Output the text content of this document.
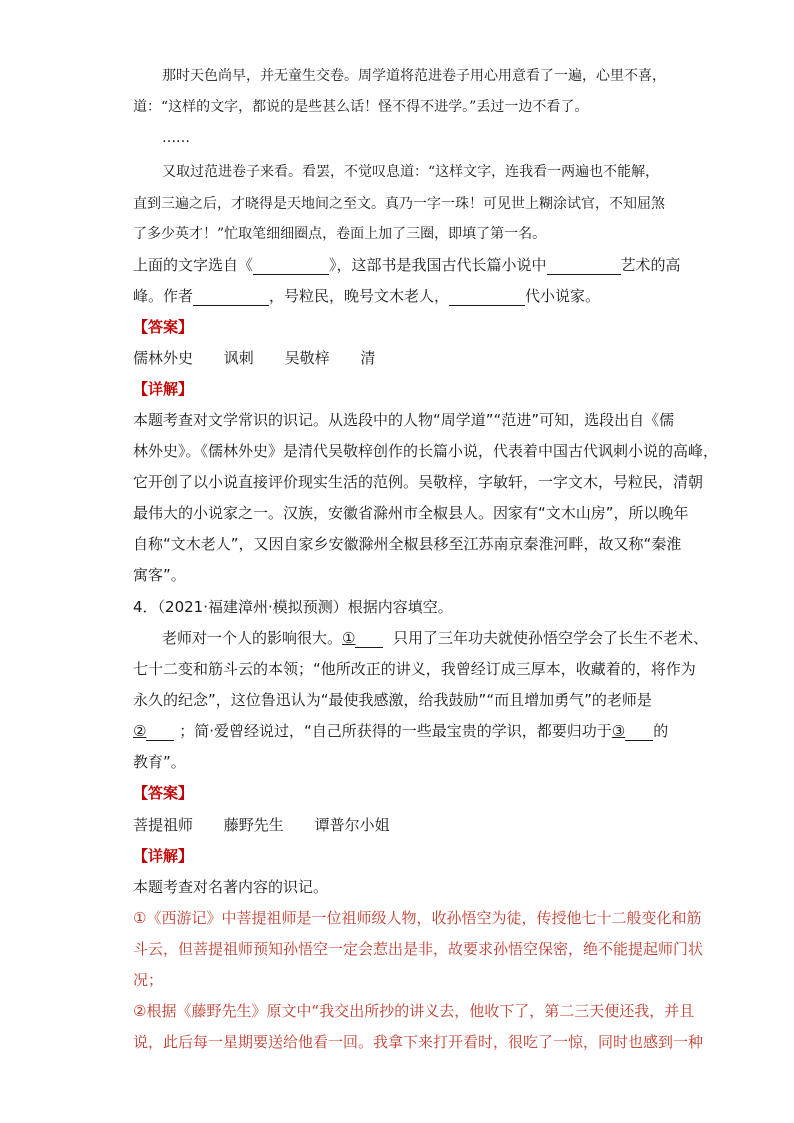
那时天色尚早，并无童生交卷。周学道将范进卷子用心用意看了一遍，心里不喜，
道：“这样的文字，都说的是些甚么话！怪不得不进学。”丢过一边不看了。
……
又取过范进卷子来看。看罢，不觉叹息道：“这样文字，连我看一两遍也不能解，
直到三遍之后，才晓得是天地间之至文。真乃一字一珠！可见世上糊涂试官，不知屈煞
了多少英才！”忙取笔细细圈点，卷面上加了三圈，即填了第一名。
上面的文字选自《	》，这部书是我国古代长篇小说中	艺术的高
峰。作者	，号粒民，晚号文木老人，	代小说家。
【答案】
儒林外史 讽刺 吴敬梓 清
【详解】
本题考查对文学常识的识记。从选段中的人物“周学道”“范进”可知，选段出自《儒
林外史》。《儒林外史》是清代吴敬梓创作的长篇小说，代表着中国古代讽刺小说的高峰，
它开创了以小说直接评价现实生活的范例。吴敬梓，字敏轩，一字文木，号粒民，清朝
最伟大的小说家之一。汉族，安徽省滁州市全椒县人。因家有“文木山房”，所以晚年
自称“文木老人”，又因自家乡安徽滁州全椒县移至江苏南京秦淮河畔，故又称“秦淮
寓客”。
4．（2021·福建漳州·模拟预测）根据内容填空。
老师对一个人的影响很大。①	只用了三年功夫就使孙悟空学会了长生不老术、
七十二变和筋斗云的本领；“他所改正的讲义，我曾经订成三厚本，收藏着的，将作为
永久的纪念”，这位鲁迅认为“最使我感激，给我鼓励”“而且增加勇气”的老师是
② ；简·爱曾经说过，“自己所获得的一些最宝贵的学识，都要归功于③ 的
教育”。
【答案】
菩提祖师 藤野先生 谭普尔小姐
【详解】
本题考查对名著内容的识记。
①《西游记》中菩提祖师是一位祖师级人物，收孙悟空为徒，传授他七十二般变化和筋
斗云，但菩提祖师预知孙悟空一定会惹出是非，故要求孙悟空保密，绝不能提起师门状
况；
②根据《藤野先生》原文中“我交出所抄的讲义去，他收下了，第二三天便还我，并且
说，此后每一星期要送给他看一回。我拿下来打开看时，很吃了一惊，同时也感到一种
